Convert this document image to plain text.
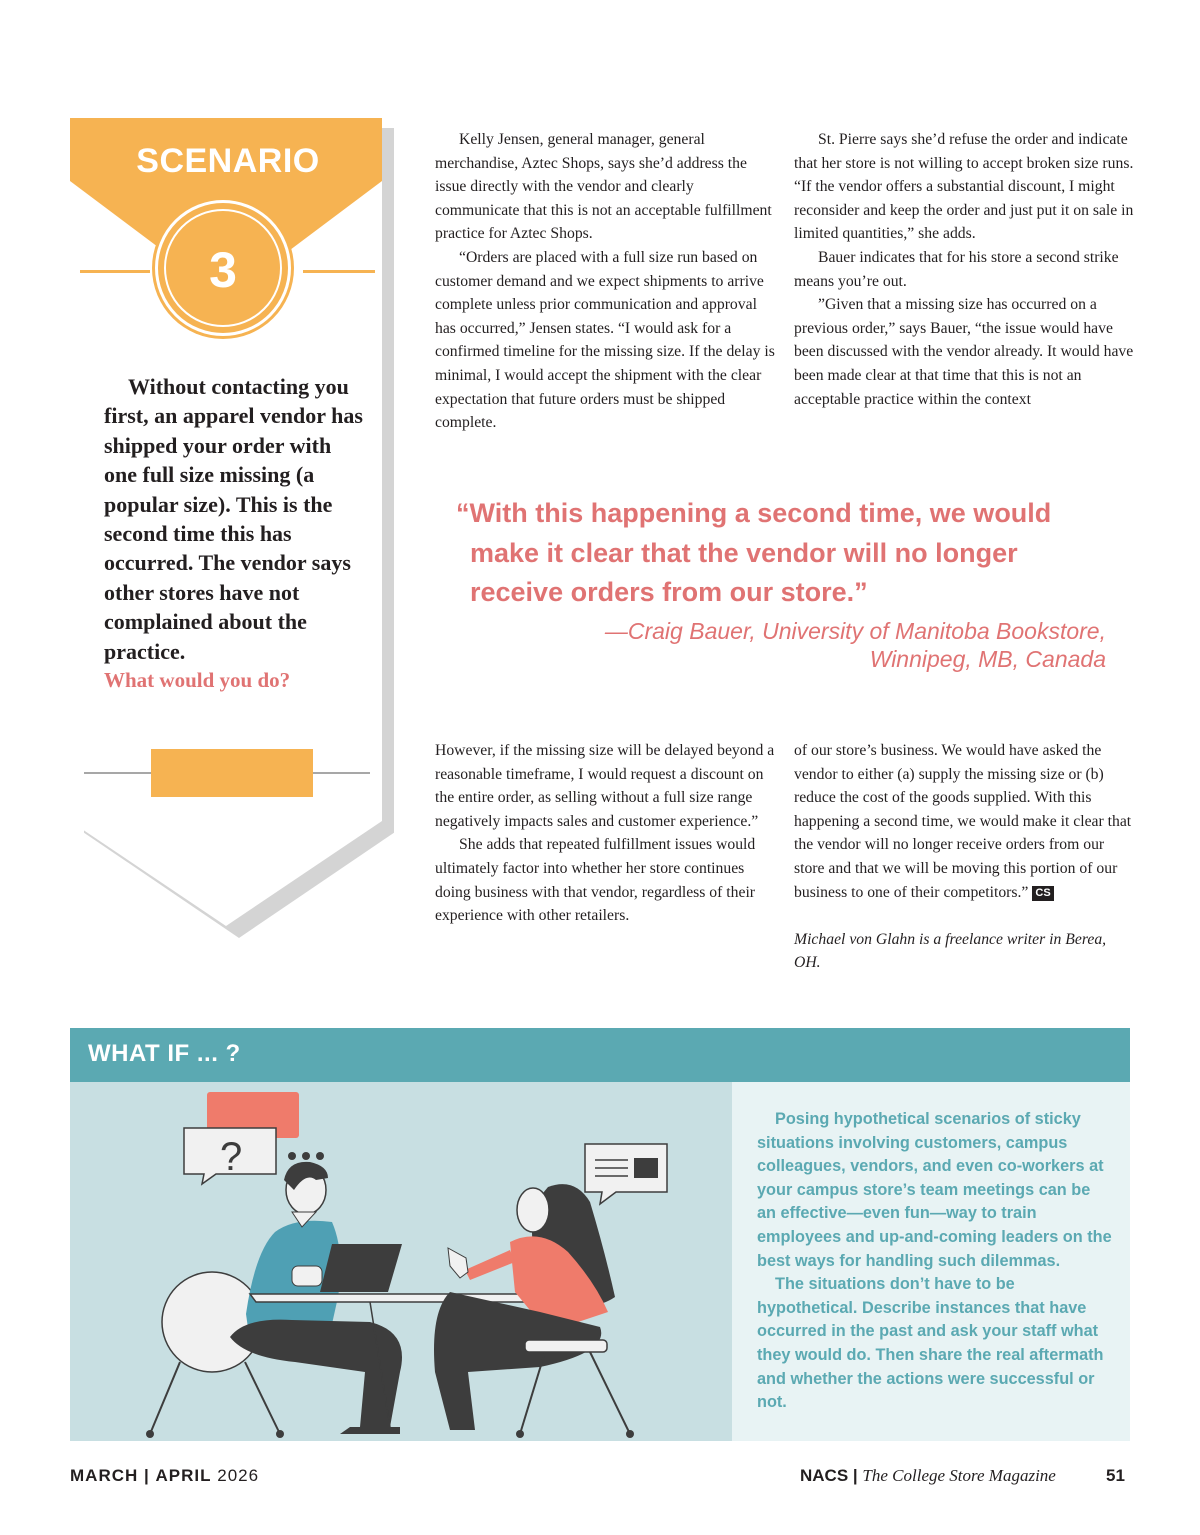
SCENARIO
3
Without contacting you first, an apparel vendor has shipped your order with one full size missing (a popular size). This is the second time this has occurred. The vendor says other stores have not complained about the practice.
What would you do?

Kelly Jensen, general manager, general merchandise, Aztec Shops, says she’d address the issue directly with the vendor and clearly communicate that this is not an acceptable fulfillment practice for Aztec Shops.

“Orders are placed with a full size run based on customer demand and we expect shipments to arrive complete unless prior communication and approval has occurred,” Jensen states. “I would ask for a confirmed timeline for the missing size. If the delay is minimal, I would accept the shipment with the clear expectation that future orders must be shipped complete.

St. Pierre says she’d refuse the order and indicate that her store is not willing to accept broken size runs. “If the vendor offers a substantial discount, I might reconsider and keep the order and just put it on sale in limited quantities,” she adds.

Bauer indicates that for his store a second strike means you’re out.

”Given that a missing size has occurred on a previous order,” says Bauer, “the issue would have been discussed with the vendor already. It would have been made clear at that time that this is not an acceptable practice within the context

“With this happening a second time, we would
make it clear that the vendor will no longer
receive orders from our store.”
—Craig Bauer, University of Manitoba Bookstore,
Winnipeg, MB, Canada

However, if the missing size will be delayed beyond a reasonable timeframe, I would request a discount on the entire order, as selling without a full size range negatively impacts sales and customer experience.”

She adds that repeated fulfillment issues would ultimately factor into whether her store continues doing business with that vendor, regardless of their experience with other retailers.

of our store’s business. We would have asked the vendor to either (a) supply the missing size or (b) reduce the cost of the goods supplied. With this happening a second time, we would make it clear that the vendor will no longer receive orders from our store and that we will be moving this portion of our business to one of their competitors.” CS

Michael von Glahn is a freelance writer in Berea, OH.

WHAT IF ... ?
?

Posing hypothetical scenarios of sticky situations involving customers, campus colleagues, vendors, and even co-workers at your campus store’s team meetings can be an effective—even fun—way to train employees and up-and-coming leaders on the best ways for handling such dilemmas.

The situations don’t have to be hypothetical. Describe instances that have occurred in the past and ask your staff what they would do. Then share the real aftermath and whether the actions were successful or not.

MARCH | APRIL 2026	NACS | The College Store Magazine	51
